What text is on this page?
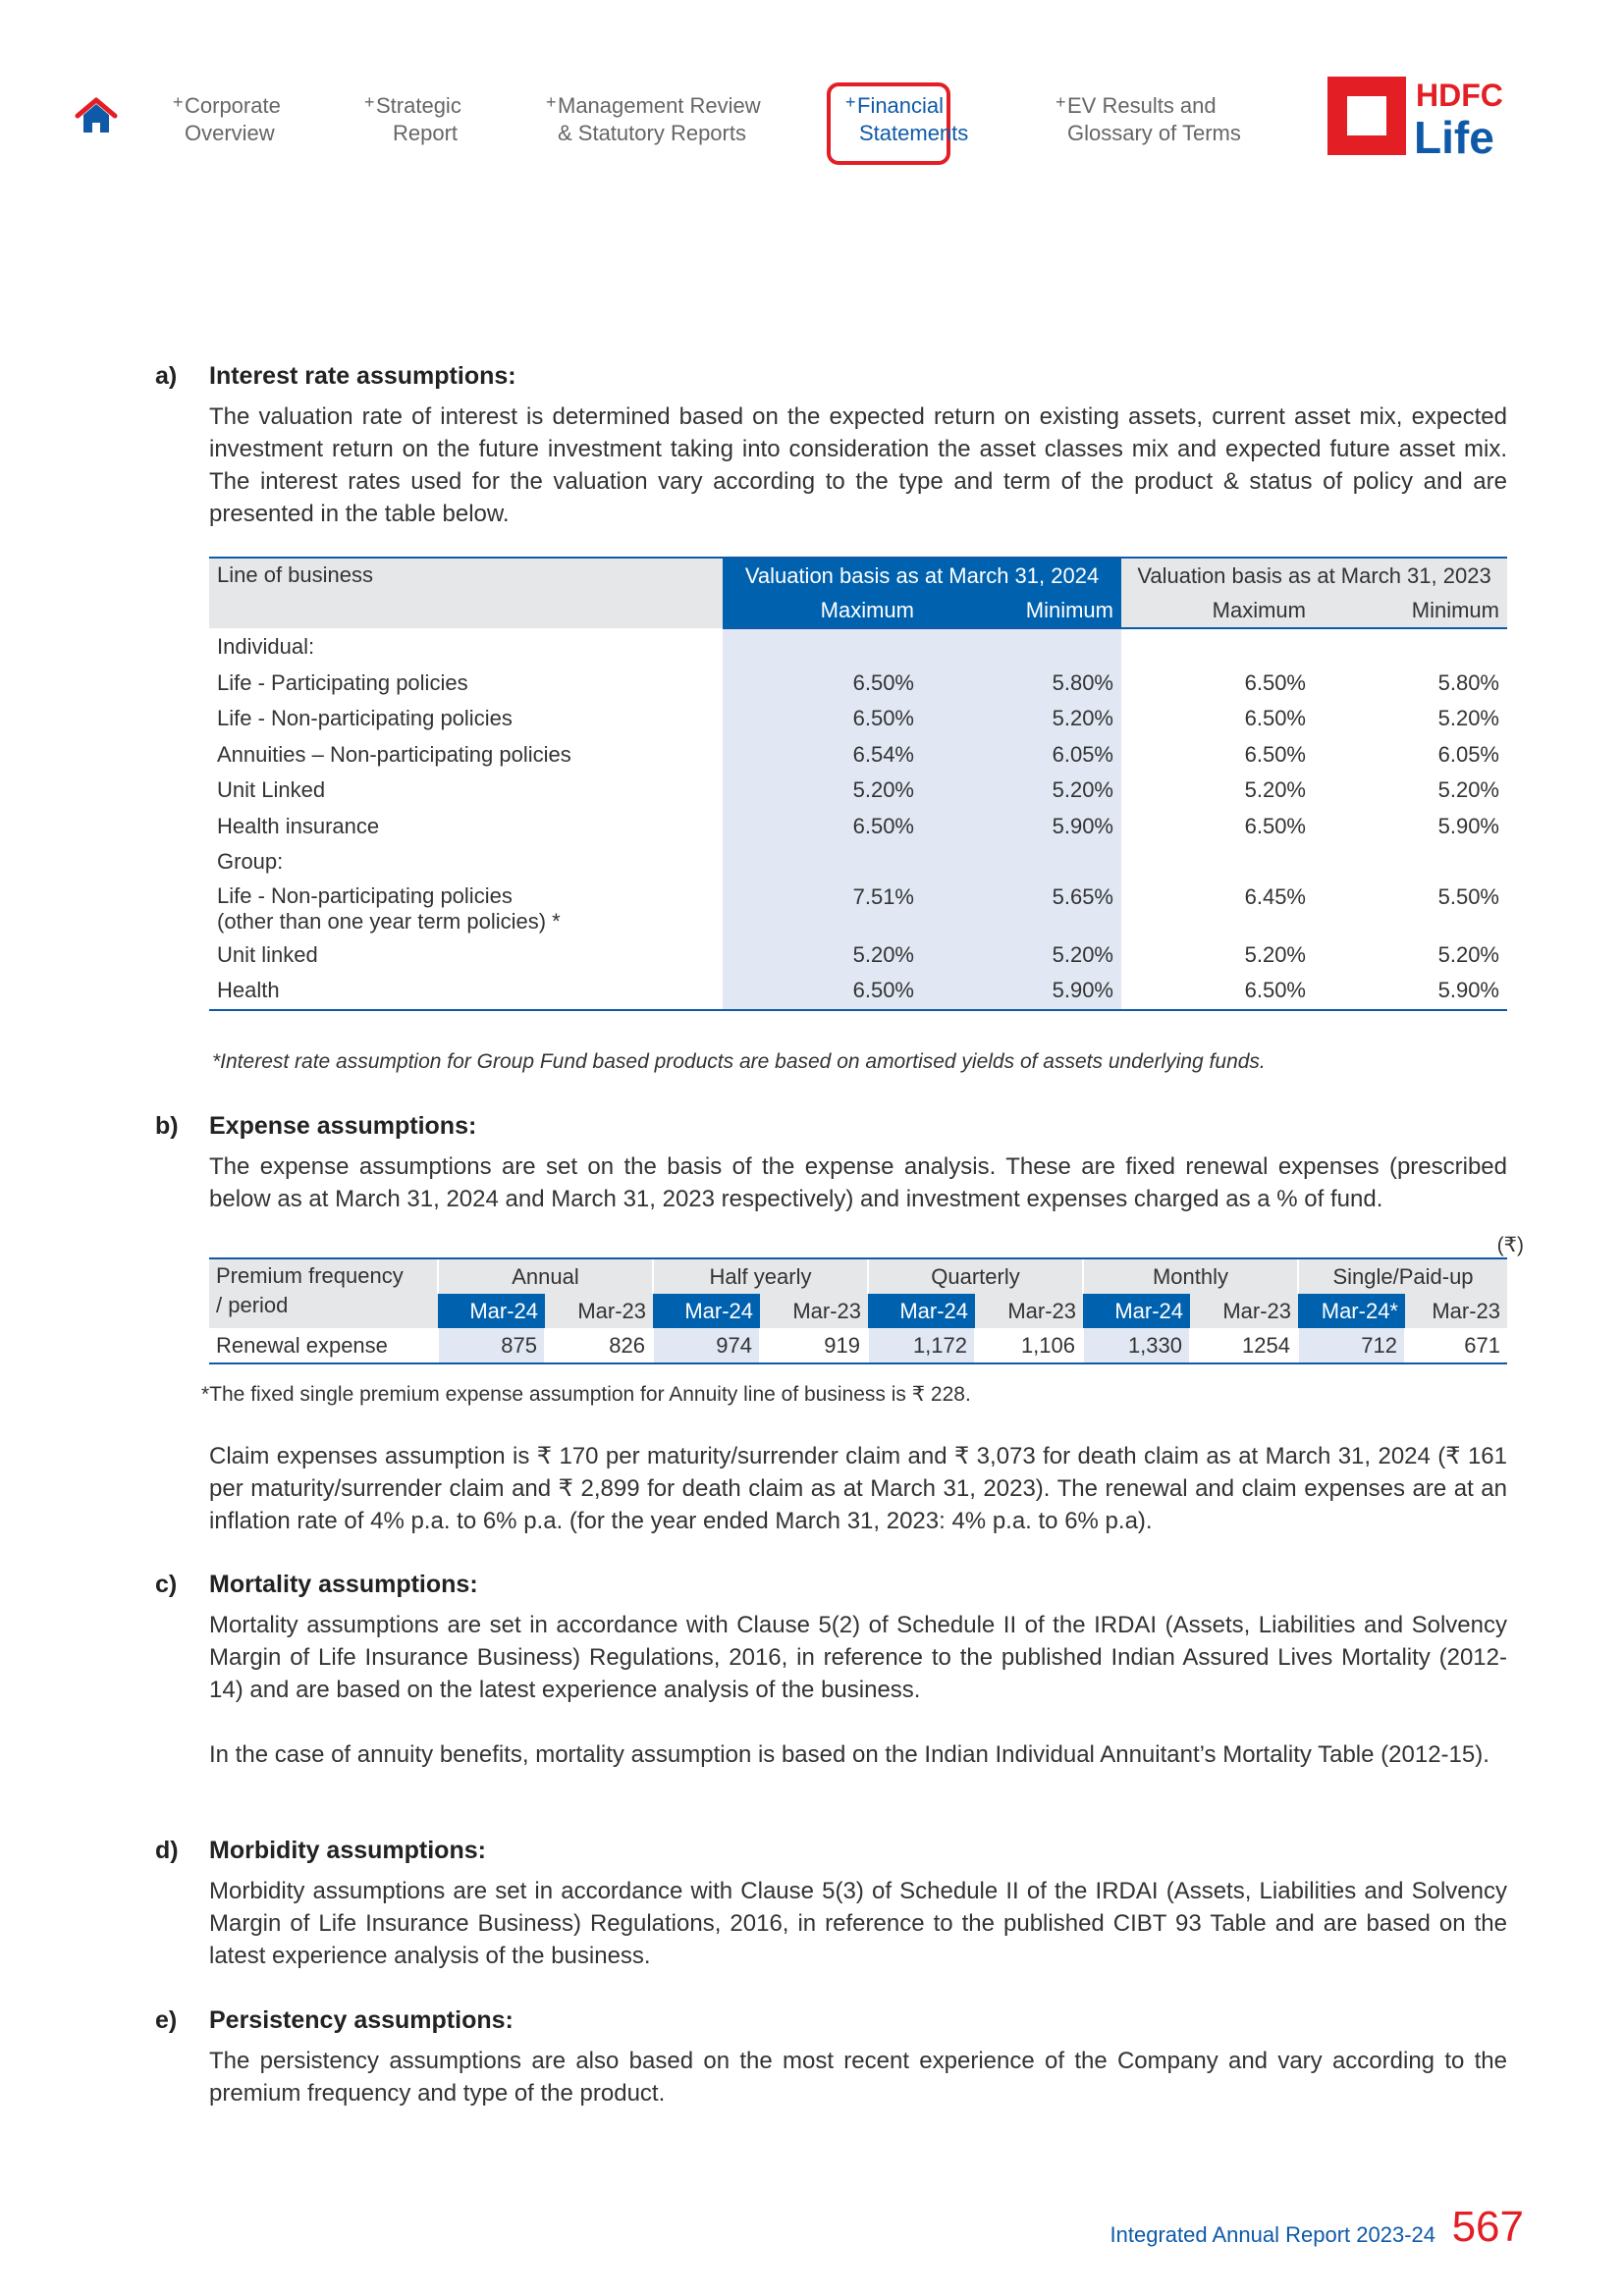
+ Corporate
Overview
+ Strategic
Report
+ Management Review
& Statutory Reports
+ Financial
Statements
+ EV Results and
Glossary of Terms
HDFC
Life
a) Interest rate assumptions:

The valuation rate of interest is determined based on the expected return on existing assets, current asset mix, expected investment return on the future investment taking into consideration the asset classes mix and expected future asset mix. The interest rates used for the valuation vary according to the type and term of the product & status of policy and are presented in the table below.

Line of business	Valuation basis as at March 31, 2024		Valuation basis as at March 31, 2023	
	Maximum	Minimum	Maximum	Minimum
Individual:				
Life - Participating policies	6.50%	5.80%	6.50%	5.80%
Life - Non-participating policies	6.50%	5.20%	6.50%	5.20%
Annuities – Non-participating policies	6.54%	6.05%	6.50%	6.05%
Unit Linked	5.20%	5.20%	5.20%	5.20%
Health insurance	6.50%	5.90%	6.50%	5.90%
Group:				

Life - Non-participating policies
(other than one year term policies) *	7.51%	5.65%	6.45%	5.50%
Unit linked	5.20%	5.20%	5.20%	5.20%
Health	6.50%	5.90%	6.50%	5.90%
*Interest rate assumption for Group Fund based products are based on amortised yields of assets underlying funds.
b) Expense assumptions:

The expense assumptions are set on the basis of the expense analysis. These are fixed renewal expenses (prescribed below as at March 31, 2024 and March 31, 2023 respectively) and investment expenses charged as a % of fund.

(₹)
Premium frequency
/ period	Annual		Half yearly		Quarterly		Monthly		Single/Paid-up	
	Mar-24	Mar-23	Mar-24	Mar-23	Mar-24	Mar-23	Mar-24	Mar-23	Mar-24*	Mar-23
Renewal expense	875	826	974	919	1,172	1,106	1,330	1254	712	671
*The fixed single premium expense assumption for Annuity line of business is ₹ 228.

Claim expenses assumption is ₹ 170 per maturity/surrender claim and ₹ 3,073 for death claim as at March 31, 2024 (₹ 161 per maturity/surrender claim and ₹ 2,899 for death claim as at March 31, 2023). The renewal and claim expenses are at an inflation rate of 4% p.a. to 6% p.a. (for the year ended March 31, 2023: 4% p.a. to 6% p.a).

c) Mortality assumptions:

Mortality assumptions are set in accordance with Clause 5(2) of Schedule II of the IRDAI (Assets, Liabilities and Solvency Margin of Life Insurance Business) Regulations, 2016, in reference to the published Indian Assured Lives Mortality (2012-14) and are based on the latest experience analysis of the business.

In the case of annuity benefits, mortality assumption is based on the Indian Individual Annuitant’s Mortality Table (2012-15).

d) Morbidity assumptions:

Morbidity assumptions are set in accordance with Clause 5(3) of Schedule II of the IRDAI (Assets, Liabilities and Solvency Margin of Life Insurance Business) Regulations, 2016, in reference to the published CIBT 93 Table and are based on the latest experience analysis of the business.

e) Persistency assumptions:

The persistency assumptions are also based on the most recent experience of the Company and vary according to the premium frequency and type of the product.

Integrated Annual Report 2023-24 567
